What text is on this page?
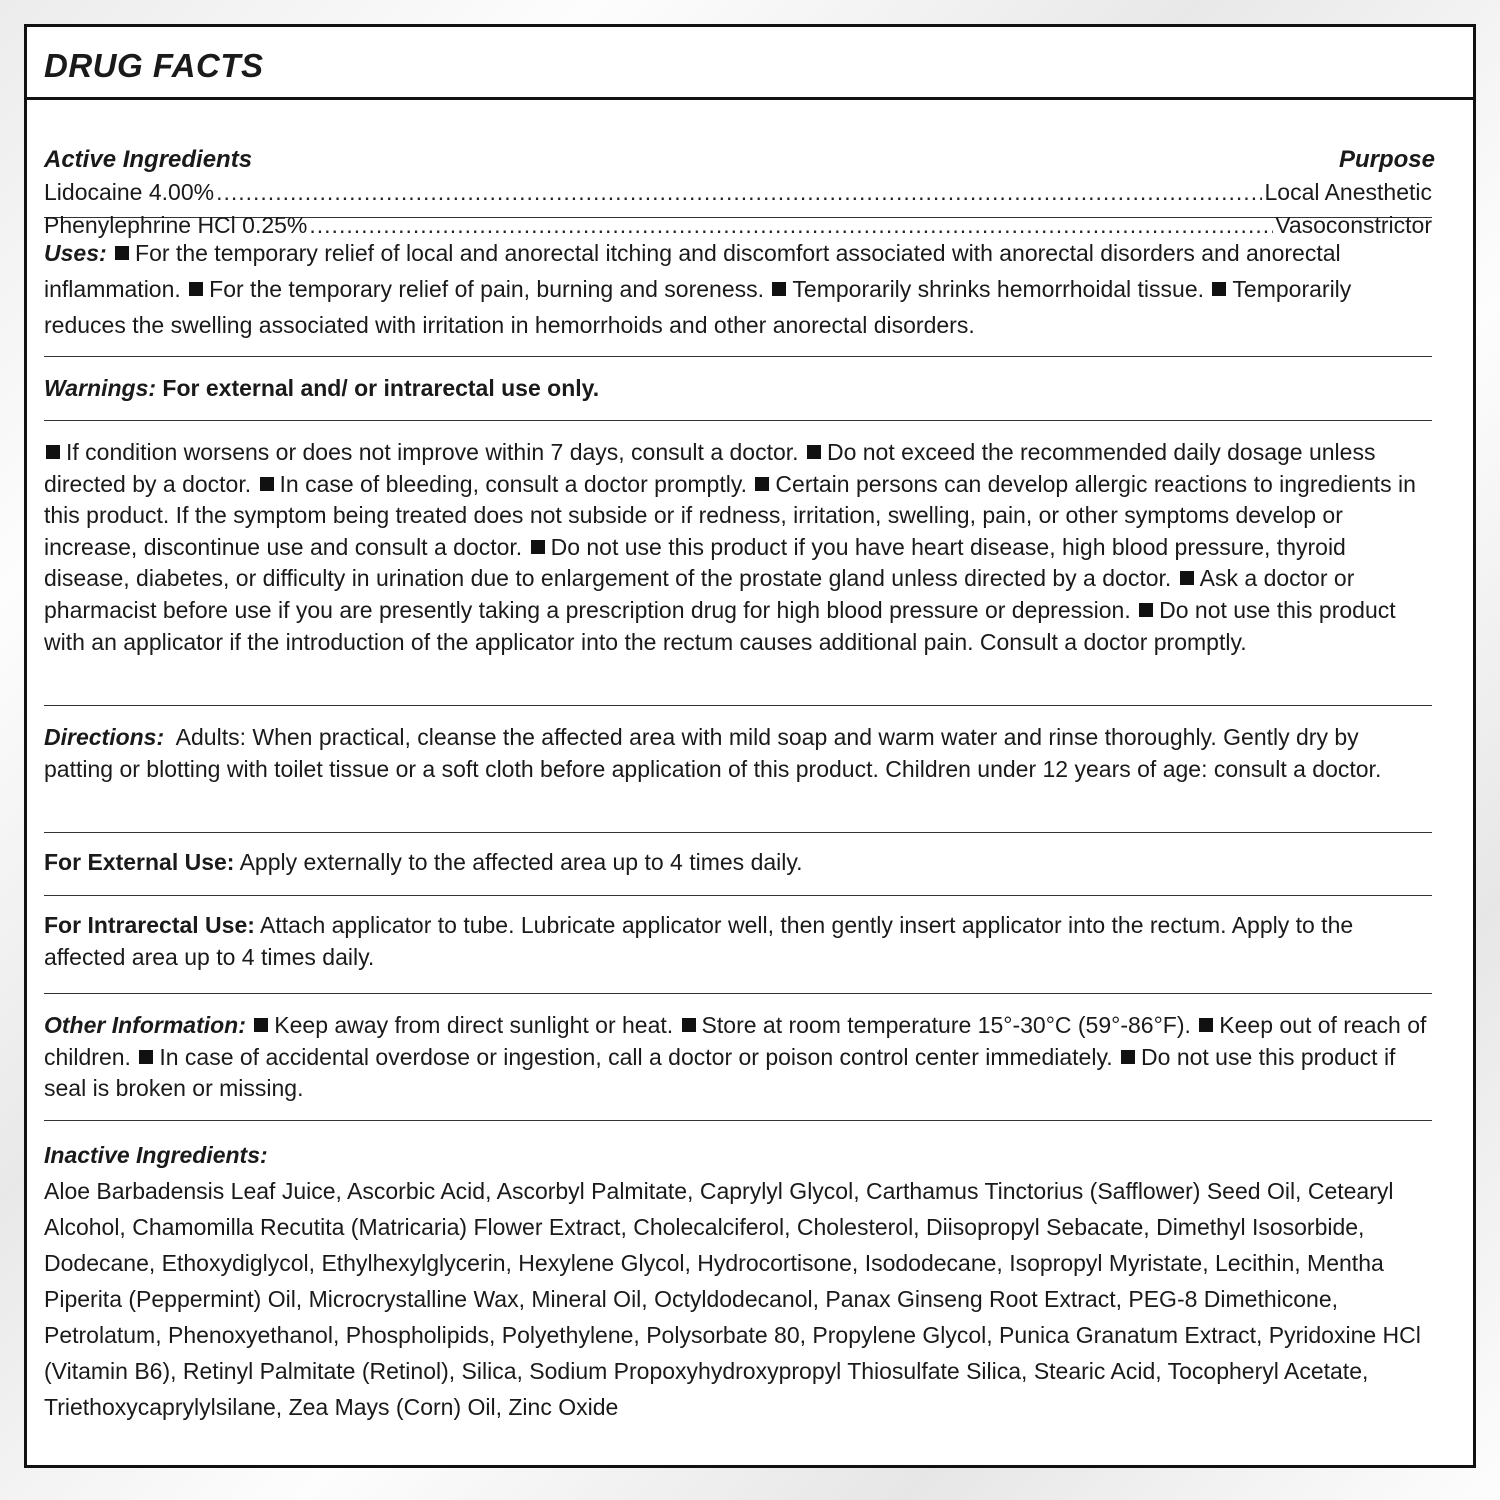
DRUG FACTS
Active Ingredients	Purpose
Lidocaine 4.00% .....	Local Anesthetic
Phenylephrine HCl 0.25% .....	Vasoconstrictor
Uses: For the temporary relief of local and anorectal itching and discomfort associated with anorectal disorders and anorectal inflammation. For the temporary relief of pain, burning and soreness. Temporarily shrinks hemorrhoidal tissue. Temporarily reduces the swelling associated with irritation in hemorrhoids and other anorectal disorders.
Warnings: For external and/ or intrarectal use only.
If condition worsens or does not improve within 7 days, consult a doctor. Do not exceed the recommended daily dosage unless directed by a doctor. In case of bleeding, consult a doctor promptly. Certain persons can develop allergic reactions to ingredients in this product. If the symptom being treated does not subside or if redness, irritation, swelling, pain, or other symptoms develop or increase, discontinue use and consult a doctor. Do not use this product if you have heart disease, high blood pressure, thyroid disease, diabetes, or difficulty in urination due to enlargement of the prostate gland unless directed by a doctor. Ask a doctor or pharmacist before use if you are presently taking a prescription drug for high blood pressure or depression. Do not use this product with an applicator if the introduction of the applicator into the rectum causes additional pain. Consult a doctor promptly.
Directions: Adults: When practical, cleanse the affected area with mild soap and warm water and rinse thoroughly. Gently dry by patting or blotting with toilet tissue or a soft cloth before application of this product. Children under 12 years of age: consult a doctor.
For External Use: Apply externally to the affected area up to 4 times daily.
For Intrarectal Use: Attach applicator to tube. Lubricate applicator well, then gently insert applicator into the rectum. Apply to the affected area up to 4 times daily.
Other Information: Keep away from direct sunlight or heat. Store at room temperature 15°-30°C (59°-86°F). Keep out of reach of children. In case of accidental overdose or ingestion, call a doctor or poison control center immediately. Do not use this product if seal is broken or missing.
Inactive Ingredients:
Aloe Barbadensis Leaf Juice, Ascorbic Acid, Ascorbyl Palmitate, Caprylyl Glycol, Carthamus Tinctorius (Safflower) Seed Oil, Cetearyl Alcohol, Chamomilla Recutita (Matricaria) Flower Extract, Cholecalciferol, Cholesterol, Diisopropyl Sebacate, Dimethyl Isosorbide, Dodecane, Ethoxydiglycol, Ethylhexylglycerin, Hexylene Glycol, Hydrocortisone, Isododecane, Isopropyl Myristate, Lecithin, Mentha Piperita (Peppermint) Oil, Microcrystalline Wax, Mineral Oil, Octyldodecanol, Panax Ginseng Root Extract, PEG-8 Dimethicone, Petrolatum, Phenoxyethanol, Phospholipids, Polyethylene, Polysorbate 80, Propylene Glycol, Punica Granatum Extract, Pyridoxine HCl (Vitamin B6), Retinyl Palmitate (Retinol), Silica, Sodium Propoxyhydroxypropyl Thiosulfate Silica, Stearic Acid, Tocopheryl Acetate, Triethoxycaprylylsilane, Zea Mays (Corn) Oil, Zinc Oxide
